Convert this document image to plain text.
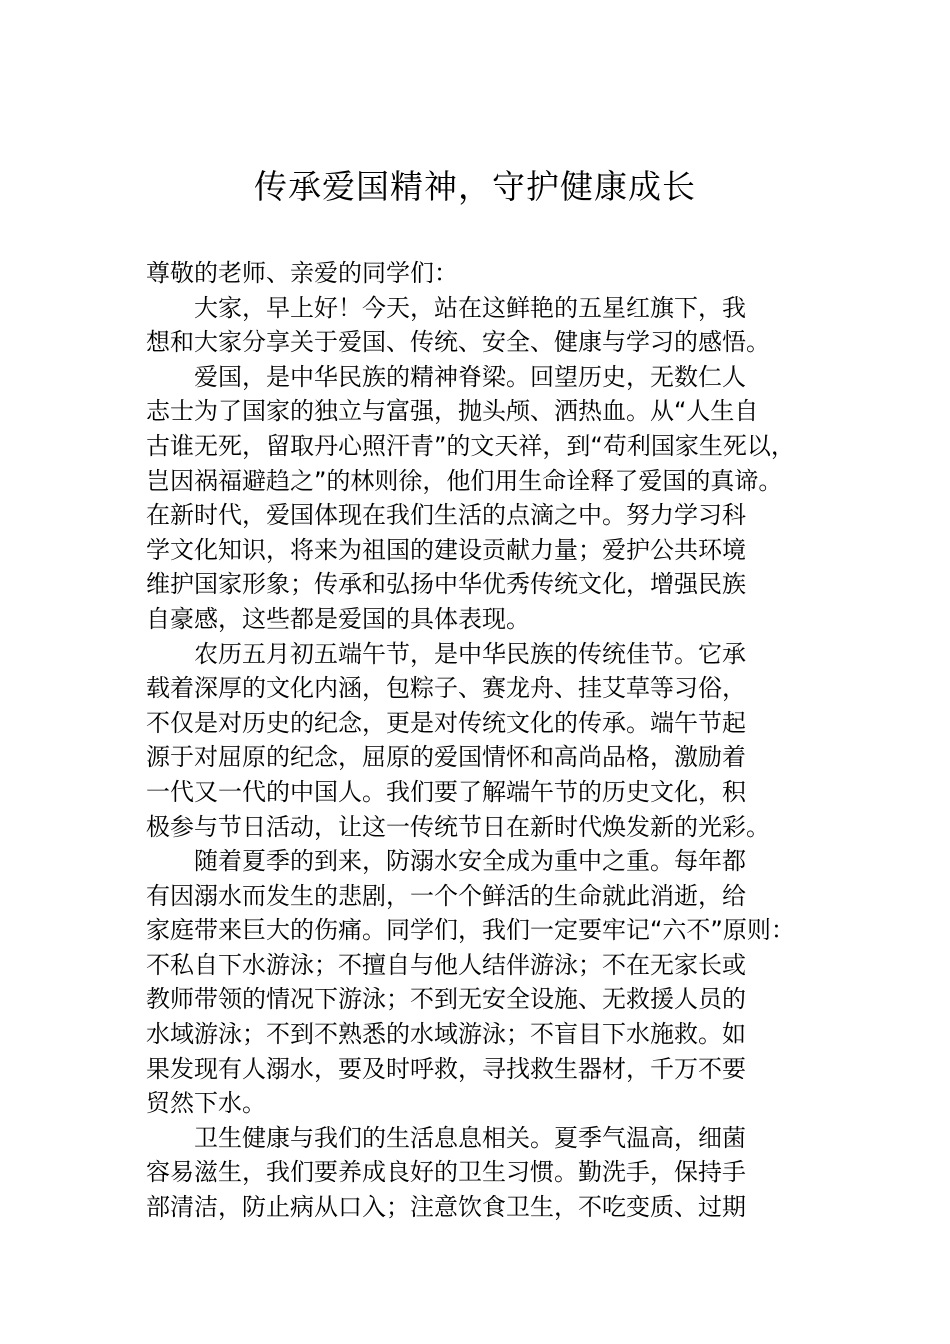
传承爱国精神，守护健康成长
尊敬的老师、亲爱的同学们：
大家，早上好！今天，站在这鲜艳的五星红旗下，我
想和大家分享关于爱国、传统、安全、健康与学习的感悟。
爱国，是中华民族的精神脊梁。回望历史，无数仁人
志士为了国家的独立与富强，抛头颅、洒热血。从“人生自
古谁无死，留取丹心照汗青”的文天祥，到“苟利国家生死以，
岂因祸福避趋之”的林则徐，他们用生命诠释了爱国的真谛。
在新时代，爱国体现在我们生活的点滴之中。努力学习科
学文化知识，将来为祖国的建设贡献力量；爱护公共环境
维护国家形象；传承和弘扬中华优秀传统文化，增强民族
自豪感，这些都是爱国的具体表现。
农历五月初五端午节，是中华民族的传统佳节。它承
载着深厚的文化内涵，包粽子、赛龙舟、挂艾草等习俗，
不仅是对历史的纪念，更是对传统文化的传承。端午节起
源于对屈原的纪念，屈原的爱国情怀和高尚品格，激励着
一代又一代的中国人。我们要了解端午节的历史文化，积
极参与节日活动，让这一传统节日在新时代焕发新的光彩。
随着夏季的到来，防溺水安全成为重中之重。每年都
有因溺水而发生的悲剧，一个个鲜活的生命就此消逝，给
家庭带来巨大的伤痛。同学们，我们一定要牢记“六不”原则：
不私自下水游泳；不擅自与他人结伴游泳；不在无家长或
教师带领的情况下游泳；不到无安全设施、无救援人员的
水域游泳；不到不熟悉的水域游泳；不盲目下水施救。如
果发现有人溺水，要及时呼救，寻找救生器材，千万不要
贸然下水。
卫生健康与我们的生活息息相关。夏季气温高，细菌
容易滋生，我们要养成良好的卫生习惯。勤洗手，保持手
部清洁，防止病从口入；注意饮食卫生，不吃变质、过期
